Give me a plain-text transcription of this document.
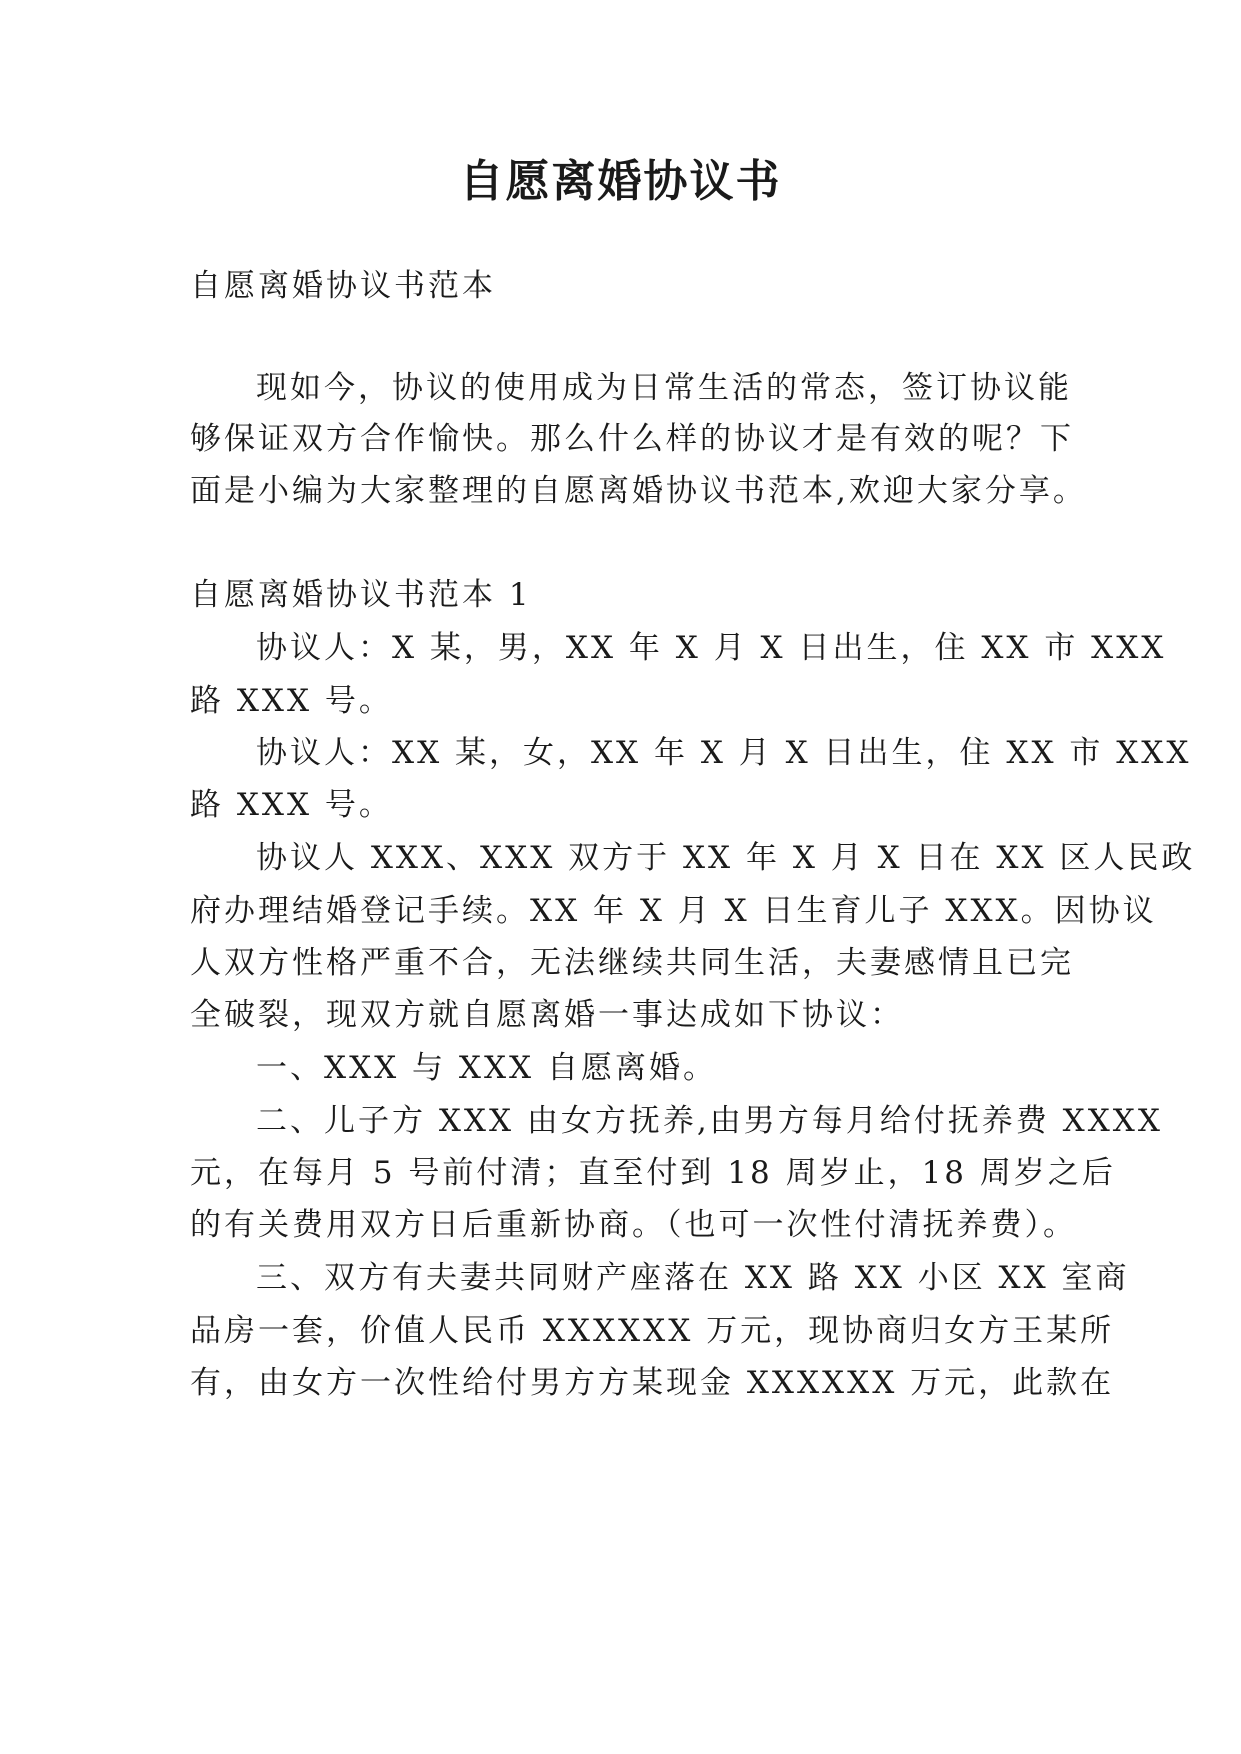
自愿离婚协议书
自愿离婚协议书范本
现如今，协议的使用成为日常生活的常态，签订协议能
够保证双方合作愉快。那么什么样的协议才是有效的呢？下
面是小编为大家整理的自愿离婚协议书范本,欢迎大家分享。
自愿离婚协议书范本 1
协议人：X 某，男，XX 年 X 月 X 日出生，住 XX 市 XXX
路 XXX 号。
协议人：XX 某，女，XX 年 X 月 X 日出生，住 XX 市 XXX
路 XXX 号。
协议人 XXX、XXX 双方于 XX 年 X 月 X 日在 XX 区人民政
府办理结婚登记手续。XX 年 X 月 X 日生育儿子 XXX。因协议
人双方性格严重不合，无法继续共同生活，夫妻感情且已完
全破裂，现双方就自愿离婚一事达成如下协议：
一、XXX 与 XXX 自愿离婚。
二、儿子方 XXX 由女方抚养,由男方每月给付抚养费 XXXX
元，在每月 5 号前付清；直至付到 18 周岁止，18 周岁之后
的有关费用双方日后重新协商。（也可一次性付清抚养费）。
三、双方有夫妻共同财产座落在 XX 路 XX 小区 XX 室商
品房一套，价值人民币 XXXXXX 万元，现协商归女方王某所
有，由女方一次性给付男方方某现金 XXXXXX 万元，此款在
